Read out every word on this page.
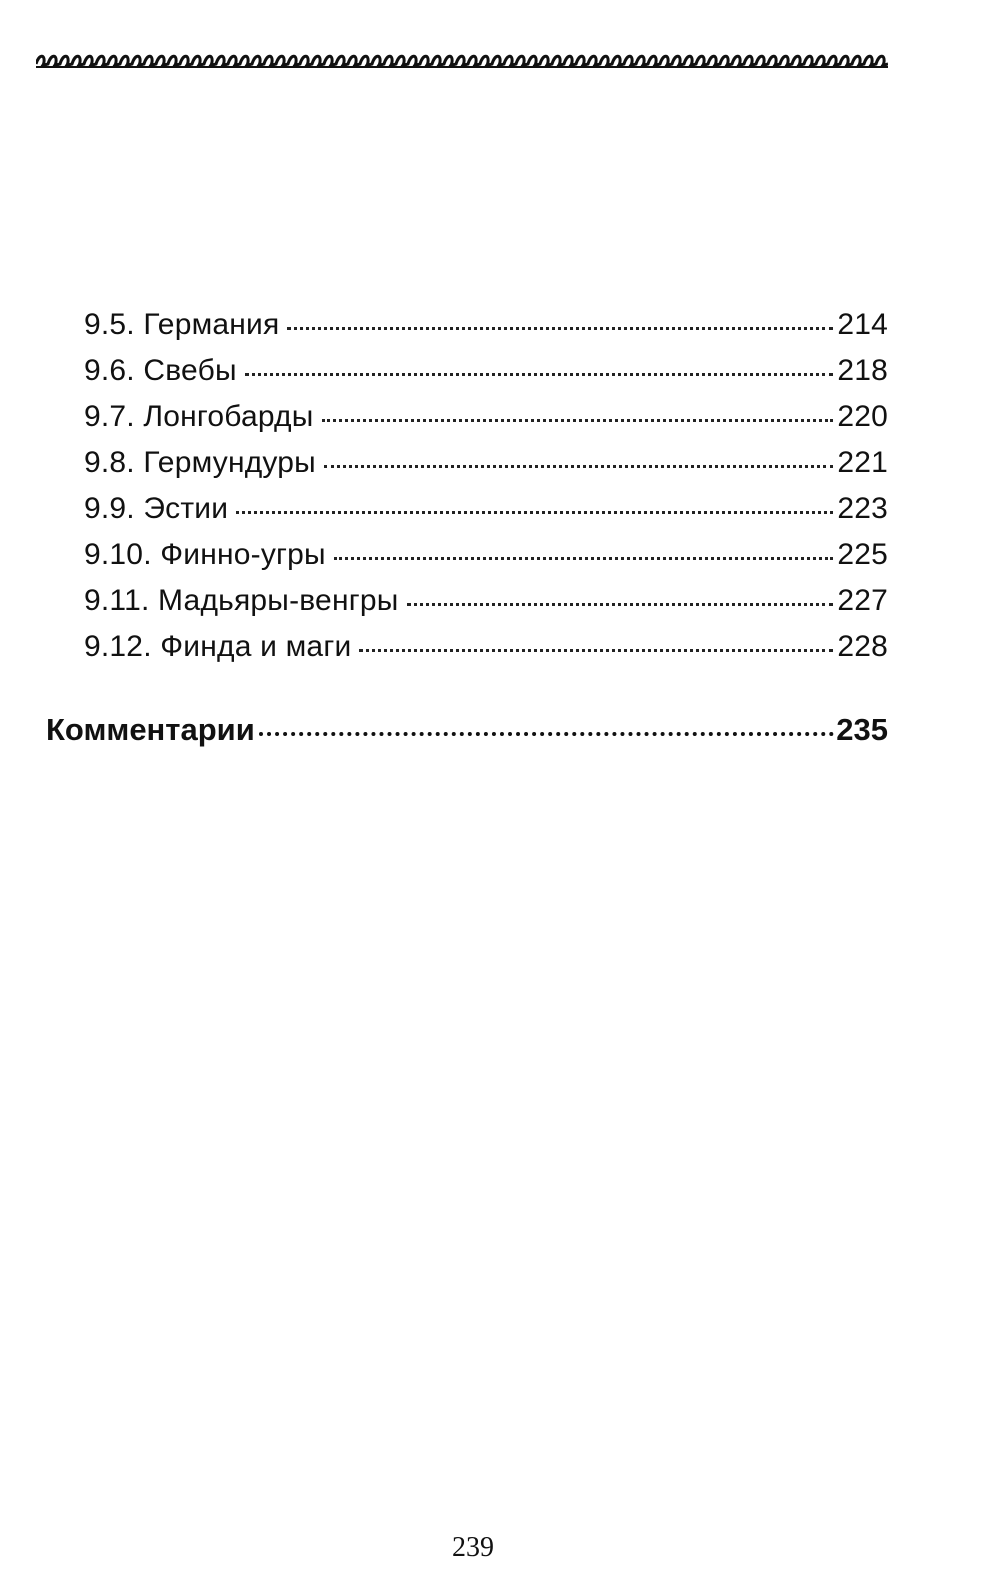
9.5. Германия	214
9.6. Свебы	218
9.7. Лонгобарды	220
9.8. Гермундуры	221
9.9. Эстии	223
9.10. Финно-угры	225
9.11. Мадьяры-венгры	227
9.12. Финда и маги	228
Комментарии	235
239
